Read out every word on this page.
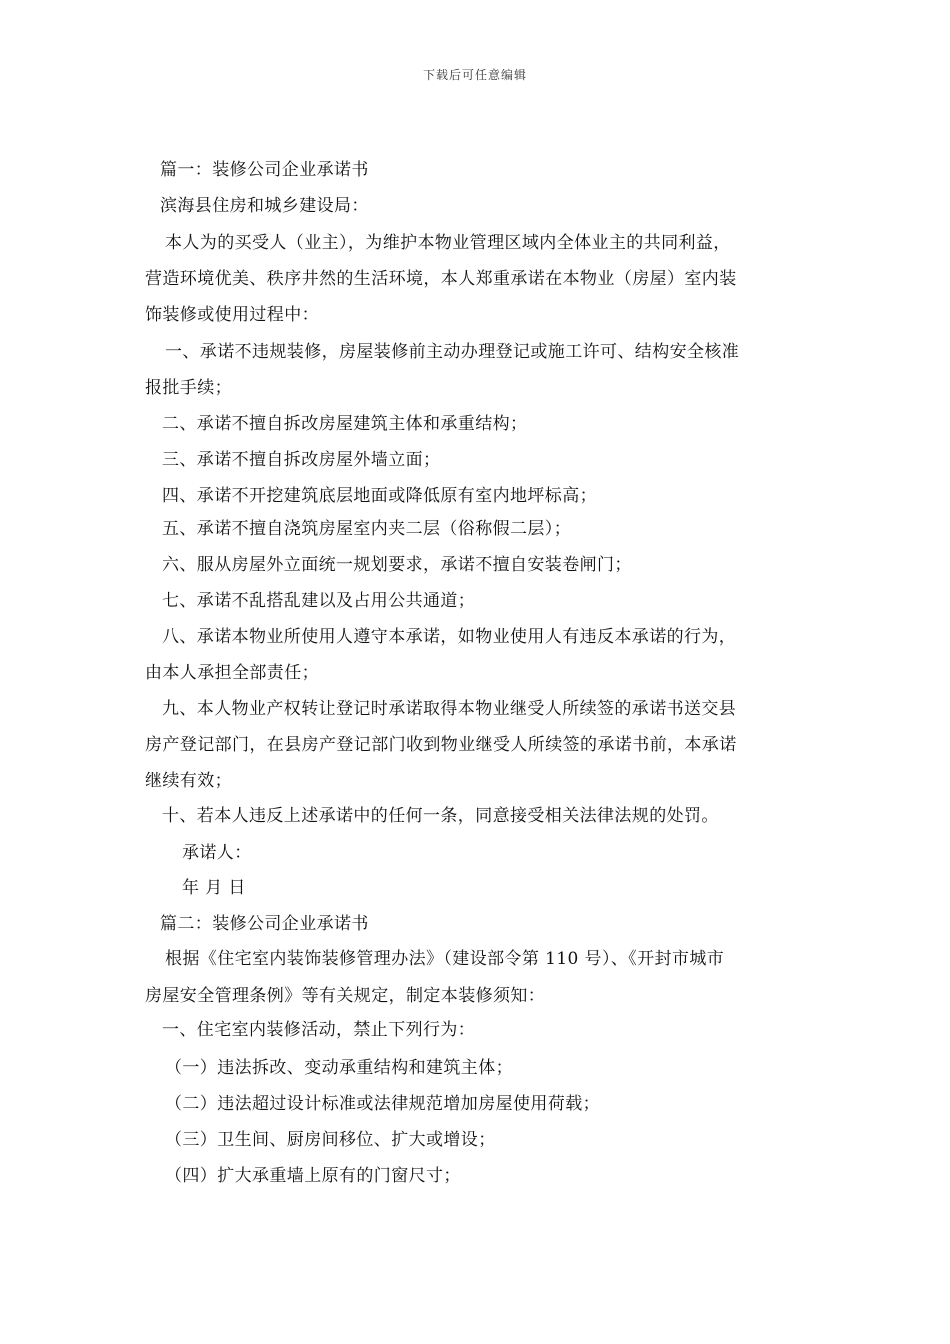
下载后可任意编辑
篇一：装修公司企业承诺书
滨海县住房和城乡建设局：
本人为的买受人（业主），为维护本物业管理区域内全体业主的共同利益，
营造环境优美、秩序井然的生活环境，本人郑重承诺在本物业（房屋）室内装
饰装修或使用过程中：
一、承诺不违规装修，房屋装修前主动办理登记或施工许可、结构安全核准
报批手续；
二、承诺不擅自拆改房屋建筑主体和承重结构；
三、承诺不擅自拆改房屋外墙立面；
四、承诺不开挖建筑底层地面或降低原有室内地坪标高；
五、承诺不擅自浇筑房屋室内夹二层（俗称假二层）；
六、服从房屋外立面统一规划要求，承诺不擅自安装卷闸门；
七、承诺不乱搭乱建以及占用公共通道；
八、承诺本物业所使用人遵守本承诺，如物业使用人有违反本承诺的行为，
由本人承担全部责任；
九、本人物业产权转让登记时承诺取得本物业继受人所续签的承诺书送交县
房产登记部门，在县房产登记部门收到物业继受人所续签的承诺书前，本承诺
继续有效；
十、若本人违反上述承诺中的任何一条，同意接受相关法律法规的处罚。
承诺人：
年 月 日
篇二：装修公司企业承诺书
根据《住宅室内装饰装修管理办法》（建设部令第 110 号）、《开封市城市
房屋安全管理条例》等有关规定，制定本装修须知：
一、住宅室内装修活动，禁止下列行为：
（一）违法拆改、变动承重结构和建筑主体；
（二）违法超过设计标准或法律规范增加房屋使用荷载；
（三）卫生间、厨房间移位、扩大或增设；
（四）扩大承重墙上原有的门窗尺寸；
